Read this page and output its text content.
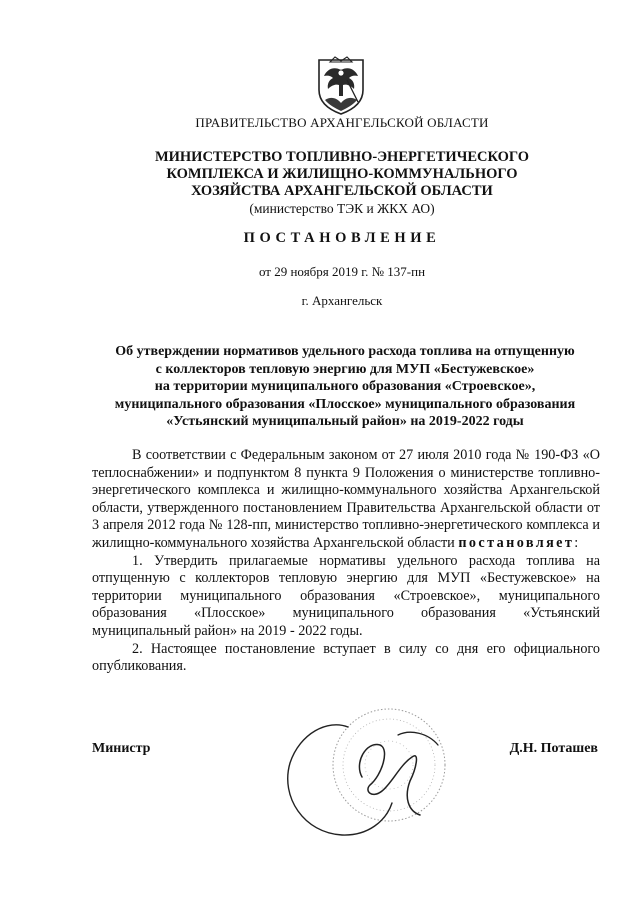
ПРАВИТЕЛЬСТВО АРХАНГЕЛЬСКОЙ ОБЛАСТИ
МИНИСТЕРСТВО ТОПЛИВНО-ЭНЕРГЕТИЧЕСКОГО
КОМПЛЕКСА И ЖИЛИЩНО-КОММУНАЛЬНОГО
ХОЗЯЙСТВА АРХАНГЕЛЬСКОЙ ОБЛАСТИ
(министерство ТЭК и ЖКХ АО)
ПОСТАНОВЛЕНИЕ
от 29 ноября 2019 г. № 137-пн
г. Архангельск
Об утверждении нормативов удельного расхода топлива на отпущенную
с коллекторов тепловую энергию для МУП «Бестужевское»
на территории муниципального образования «Строевское»,
муниципального образования «Плосское» муниципального образования
«Устьянский муниципальный район» на 2019-2022 годы

В соответствии с Федеральным законом от 27 июля 2010 года № 190-ФЗ «О теплоснабжении» и подпунктом 8 пункта 9 Положения о министерстве топливно-энергетического комплекса и жилищно-коммунального хозяйства Архангельской области, утвержденного постановлением Правительства Архангельской области от 3 апреля 2012 года № 128-пп, министерство топливно-энергетического комплекса и жилищно-коммунального хозяйства Архангельской области постановляет:

1. Утвердить прилагаемые нормативы удельного расхода топлива на отпущенную с коллекторов тепловую энергию для МУП «Бестужевское» на территории муниципального образования «Строевское», муниципального образования «Плосское» муниципального образования «Устьянский муниципальный район» на 2019 - 2022 годы.

2. Настоящее постановление вступает в силу со дня его официального опубликования.

Министр	Д.Н. Поташев
